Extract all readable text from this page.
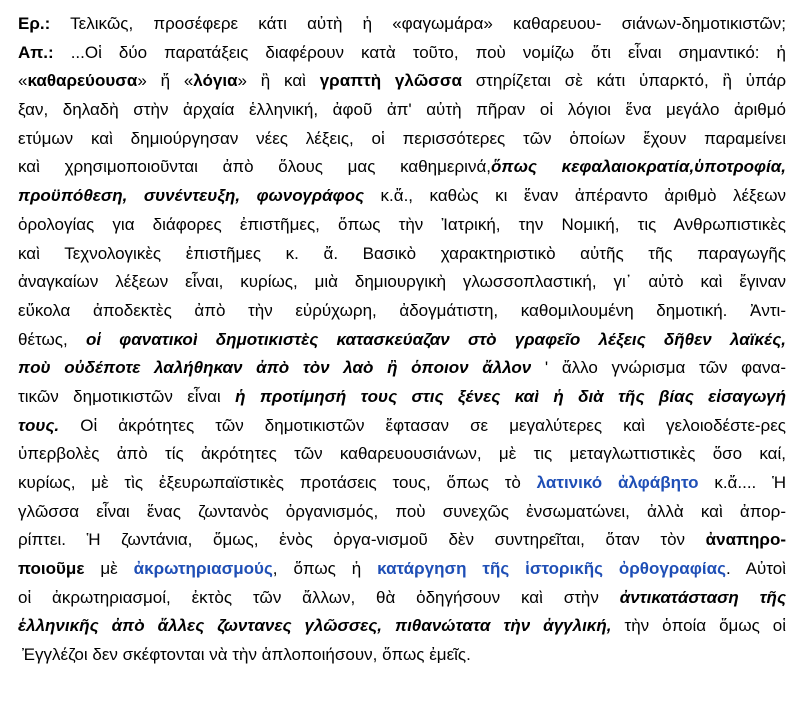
Ερ.: Τελικῶς, προσέφερε κάτι αὐτὴ ἡ «φαγωμάρα» καθαρευου- σιάνων-δημοτικιστῶν;
Απ.: ...Οἱ δύο παρατάξεις διαφέρουν κατὰ τοῦτο, ποὺ νομίζω ὅτι εἶναι σημαντικό: ἡ
«καθαρεύουσα» ἤ «λόγια» ἢ καὶ γραπτὴ γλῶσσα στηρίζεται σὲ κάτι ὑπαρκτό, ἢ ὑπάρ
ξαν, δηλαδὴ στὴν ἀρχαία ἑλληνική, ἀφοῦ ἀπ' αὐτὴ πῆραν οἱ λόγιοι ἕνα μεγάλο ἀριθμό
ετύμων καὶ δημιούργησαν νέες λέξεις, οἱ περισσότερες τῶν ὁποίων ἔχουν παραμείνει
καὶ χρησιμοποιοῦνται ἀπὸ ὅλους μας καθημερινά,ὅπως κεφαλαιοκρατία,ὑποτροφία,
προϋπόθεση, συνέντευξη, φωνογράφος κ.ἄ., καθὼς κι ἕναν ἀπέραντο ἀριθμὸ λέξεων
ὁρολογίας για διάφορες ἐπιστῆμες, ὅπως τὴν Ἰατρική, την Νομική, τις Ανθρωπιστικὲς
καὶ Τεχνολογικὲς ἐπιστῆμες κ. ἄ. Βασικὸ χαρακτηριστικὸ αὐτῆς τῆς παραγωγῆς
ἀναγκαίων λέξεων εἶναι, κυρίως, μιὰ δημιουργικὴ γλωσσοπλαστική, γι᾽ αὐτὸ καὶ ἔγιναν
εὔκολα ἀποδεκτὲς ἀπὸ τὴν εὐρύχωρη, ἀδογμάτιστη, καθομιλουμένη δημοτική. Ἀντι-
θέτως, οἱ φανατικοὶ δημοτικιστὲς κατασκεύαζαν στὸ γραφεῖο λέξεις δῆθεν λαϊκές,
ποὺ οὐδέποτε λαλήθηκαν ἀπὸ τὸν λαὸ ἢ ὁποιον ἄλλον ' ἄλλο γνώρισμα τῶν φανα-
τικῶν δημοτικιστῶν εἶναι ἡ προτίμησή τους στις ξένες καὶ ἡ διὰ τῆς βίας εἰσαγωγή
τους. Οἱ ἀκρότητες τῶν δημοτικιστῶν ἔφτασαν σε μεγαλύτερες καὶ γελοιοδέστε-ρες
ὑπερβολὲς ἀπὸ τίς ἀκρότητες τῶν καθαρευουσιάνων, μὲ τις μεταγλωττιστικὲς ὅσο καί,
κυρίως, μὲ τὶς ἐξευρωπαϊστικὲς προτάσεις τους, ὅπως τὸ λατινικό ἀλφάβητο κ.ἄ.... Ἡ
γλῶσσα εἶναι ἕνας ζωντανὸς ὀργανισμός, ποὺ συνεχῶς ἐνσωματώνει, ἀλλὰ καὶ ἀπορ-
ρίπτει. Ἡ ζωντάνια, ὅμως, ἑνὸς ὀργα-νισμοῦ δὲν συντηρεῖται, ὅταν τὸν ἀναπηρο-
ποιοῦμε μὲ ἀκρωτηριασμούς, ὅπως ἡ κατάργηση τῆς ἱστορικῆς ὀρθογραφίας. Αὐτοὶ
οἱ ἀκρωτηριασμοί, ἐκτὸς τῶν ἄλλων, θὰ ὁδηγήσουν καὶ στὴν ἀντικατάσταση τῆς
ἑλληνικῆς ἀπὸ ἄλλες ζωντανες γλῶσσες, πιθανώτατα τὴν ἀγγλική, τὴν ὁποία ὅμως οἱ
Ἐγγλέζοι δεν σκέφτονται νὰ τὴν ἁπλοποιήσουν, ὅπως ἐμεῖς.
